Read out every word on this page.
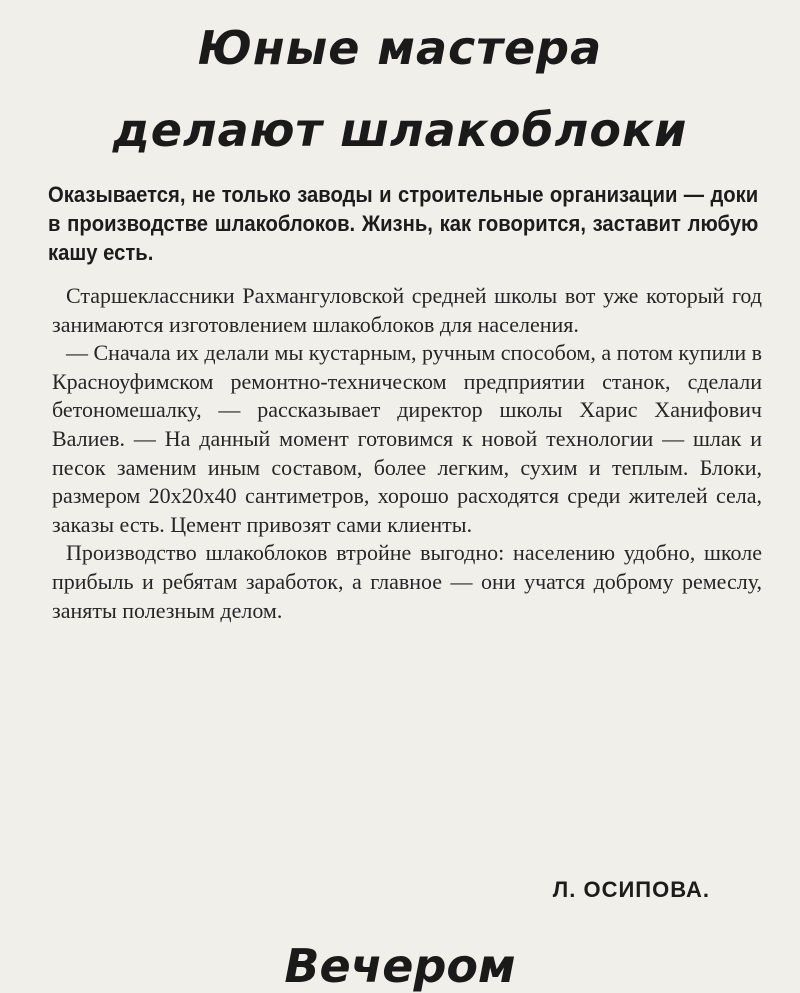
Юные мастера
делают шлакоблоки

Оказывается, не только заводы и строительные организации — доки в производстве шлакоблоков. Жизнь, как говорится, заставит любую кашу есть.

Старшеклассники Рахмангуловской средней школы вот уже который год занимаются изготовлением шлакоблоков для населения.

— Сначала их делали мы кустарным, ручным способом, а потом купили в Красноуфимском ремонтно-техническом предприятии станок, сделали бетономешалку, — рассказывает директор школы Харис Ханифович Валиев. — На данный момент готовимся к новой технологии — шлак и песок заменим иным составом, более легким, сухим и теплым. Блоки, размером 20х20х40 сантиметров, хорошо расходятся среди жителей села, заказы есть. Цемент привозят сами клиенты.

Производство шлакоблоков втройне выгодно: населению удобно, школе прибыль и ребятам заработок, а главное — они учатся доброму ремеслу, заняты полезным делом.

Л. ОСИПОВА.

Вечером
